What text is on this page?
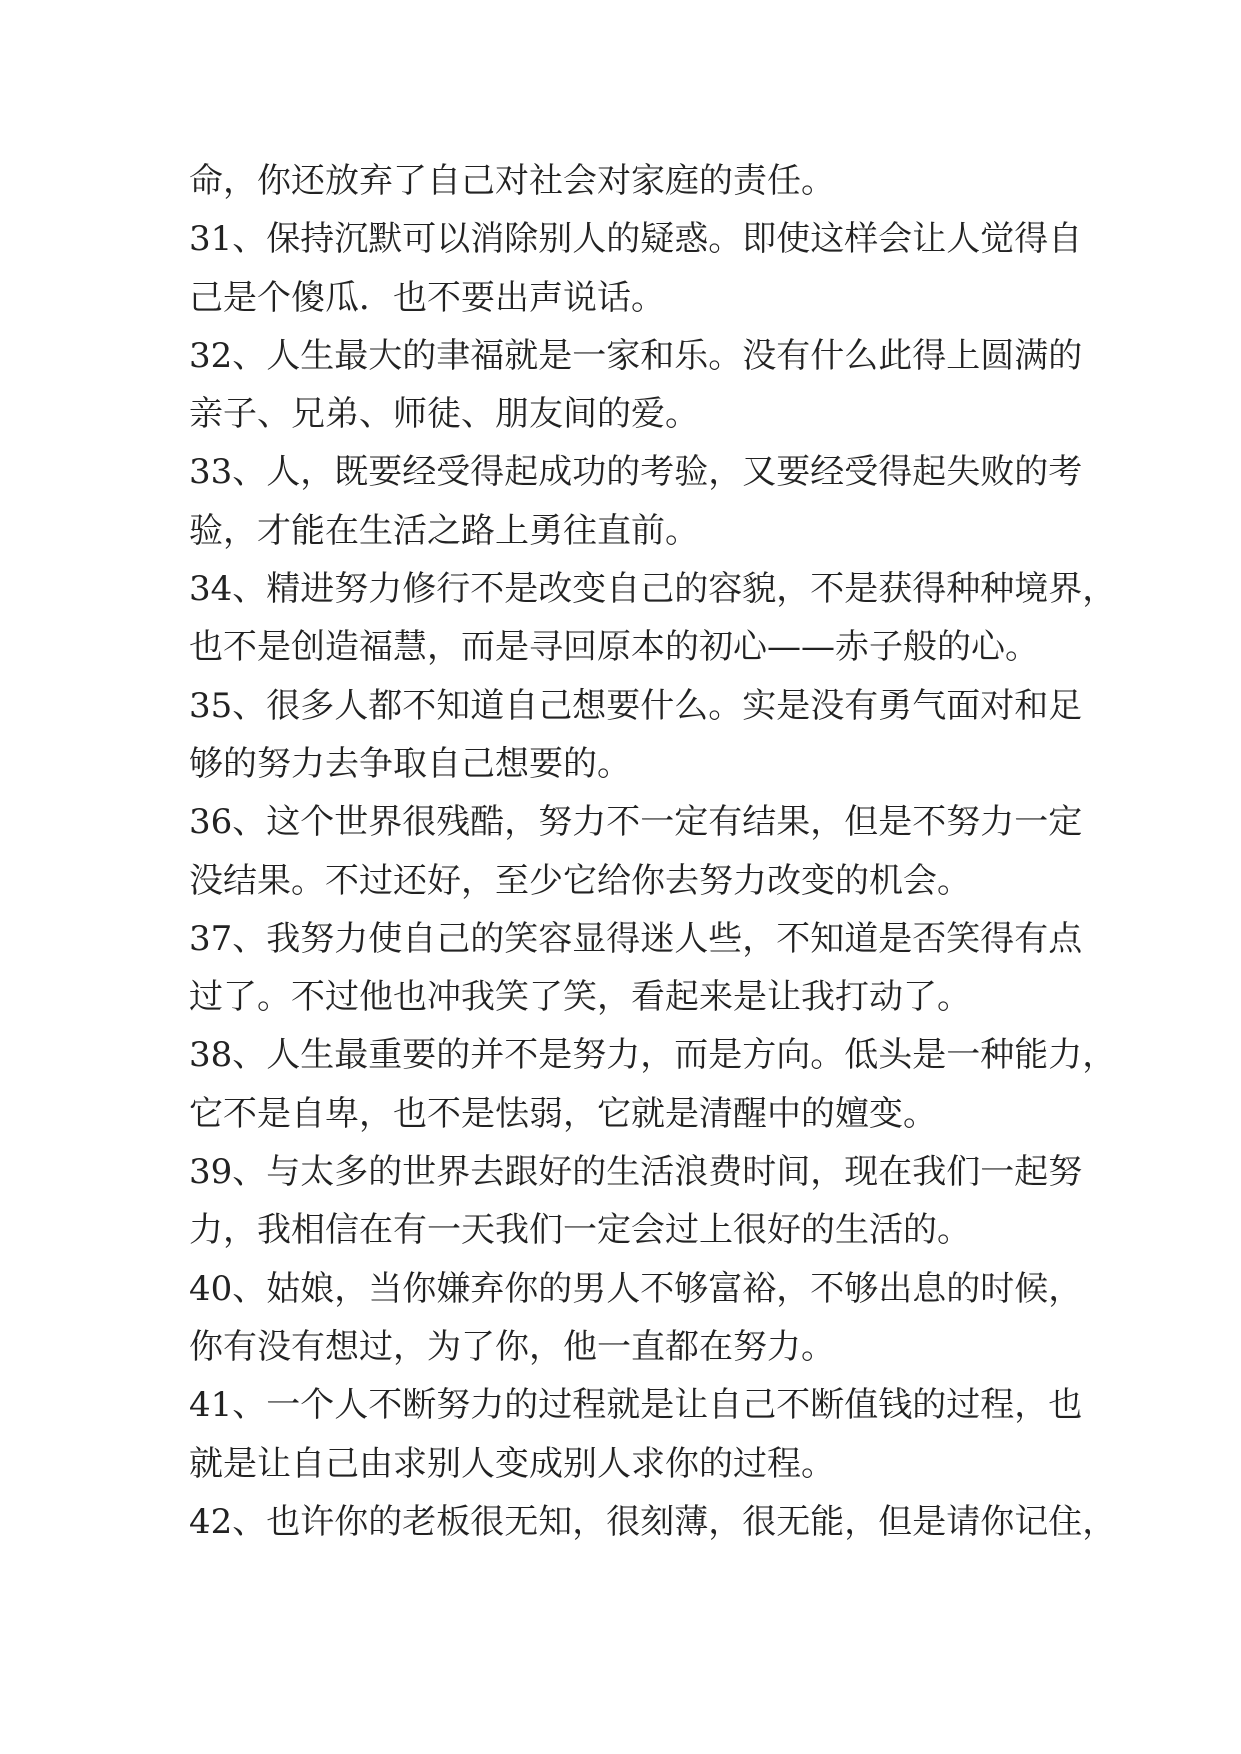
命，你还放弃了自己对社会对家庭的责任。
31、保持沉默可以消除别人的疑惑。即使这样会让人觉得自
己是个傻瓜．也不要出声说话。
32、人生最大的聿福就是一家和乐。没有什么此得上圆满的
亲子、兄弟、师徒、朋友间的爱。
33、人，既要经受得起成功的考验，又要经受得起失败的考
验，才能在生活之路上勇往直前。
34、精进努力修行不是改变自己的容貌，不是获得种种境界，
也不是创造福慧，而是寻回原本的初心——赤子般的心。
35、很多人都不知道自己想要什么。实是没有勇气面对和足
够的努力去争取自己想要的。
36、这个世界很残酷，努力不一定有结果，但是不努力一定
没结果。不过还好，至少它给你去努力改变的机会。
37、我努力使自己的笑容显得迷人些，不知道是否笑得有点
过了。不过他也冲我笑了笑，看起来是让我打动了。
38、人生最重要的并不是努力，而是方向。低头是一种能力，
它不是自卑，也不是怯弱，它就是清醒中的嬗变。
39、与太多的世界去跟好的生活浪费时间，现在我们一起努
力，我相信在有一天我们一定会过上很好的生活的。
40、姑娘，当你嫌弃你的男人不够富裕，不够出息的时候，
你有没有想过，为了你，他一直都在努力。
41、一个人不断努力的过程就是让自己不断值钱的过程，也
就是让自己由求别人变成别人求你的过程。
42、也许你的老板很无知，很刻薄，很无能，但是请你记住，
